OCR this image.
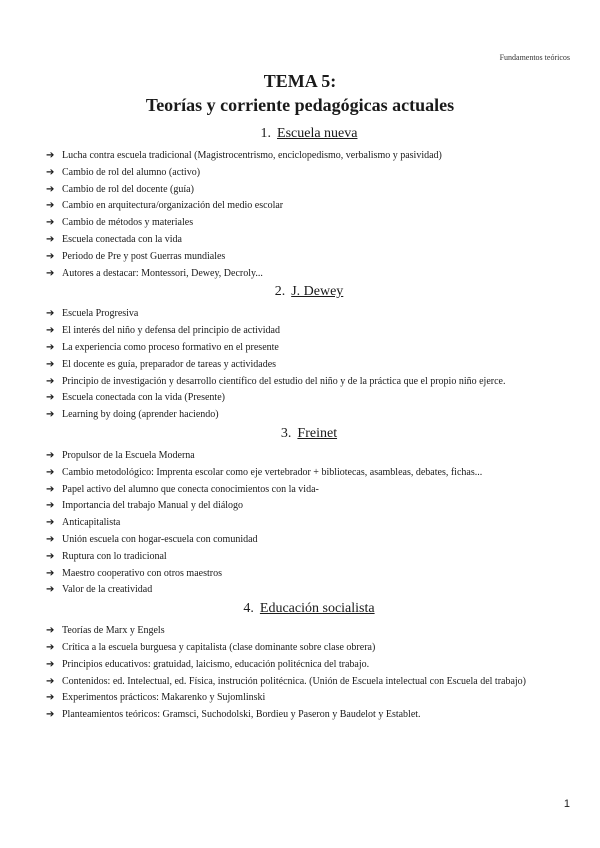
Fundamentos teóricos
TEMA 5:
Teorías y corriente pedagógicas actuales
1. Escuela nueva
➔ Lucha contra escuela tradicional (Magistrocentrismo, enciclopedismo, verbalismo y pasividad)
➔ Cambio de rol del alumno (activo)
➔ Cambio de rol del docente (guía)
➔ Cambio en arquitectura/organización del medio escolar
➔ Cambio de métodos y materiales
➔ Escuela conectada con la vida
➔ Periodo de Pre y post Guerras mundiales
➔ Autores a destacar: Montessori, Dewey, Decroly...
2. J. Dewey
➔ Escuela Progresiva
➔ El interés del niño y defensa del principio de actividad
➔ La experiencia como proceso formativo en el presente
➔ El docente es guía, preparador de tareas y actividades
➔ Principio de investigación y desarrollo científico del estudio del niño y de la práctica que el propio niño ejerce.
➔ Escuela conectada con la vida (Presente)
➔ Learning by doing (aprender haciendo)
3. Freinet
➔ Propulsor de la Escuela Moderna
➔ Cambio metodológico: Imprenta escolar como eje vertebrador + bibliotecas, asambleas, debates, fichas...
➔ Papel activo del alumno que conecta conocimientos con la vida-
➔ Importancia del trabajo Manual y del diálogo
➔ Anticapitalista
➔ Unión escuela con hogar-escuela con comunidad
➔ Ruptura con lo tradicional
➔ Maestro cooperativo con otros maestros
➔ Valor de la creatividad
4. Educación socialista
➔ Teorías de Marx y Engels
➔ Crítica a la escuela burguesa y capitalista (clase dominante sobre clase obrera)
➔ Principios educativos: gratuidad, laicismo, educación politécnica del trabajo.
➔ Contenidos: ed. Intelectual, ed. Física, instrución politécnica. (Unión de Escuela intelectual con Escuela del trabajo)
➔ Experimentos prácticos: Makarenko y Sujomlinski
➔ Planteamientos teóricos: Gramsci, Suchodolski, Bordieu y Paseron y Baudelot y Establet.
1
